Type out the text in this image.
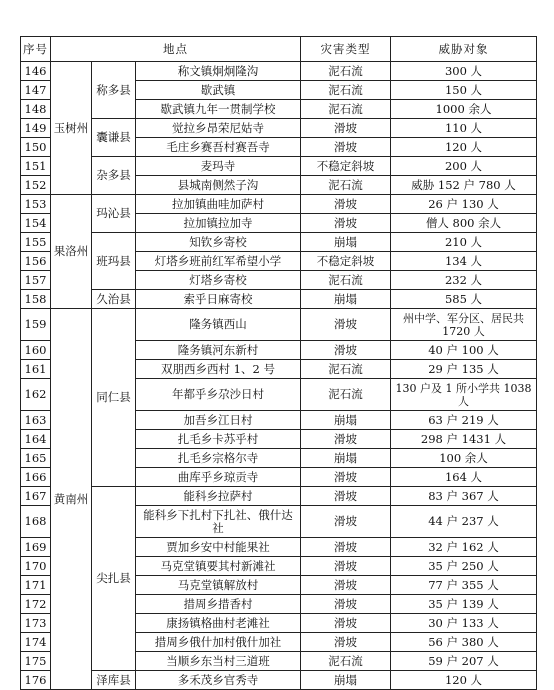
序号	地点			灾害类型	威胁对象
146	玉树州	称多县	称文镇炯炯隆沟	泥石流	300 人
147			歇武镇	泥石流	150 人
148			歇武镇九年一贯制学校	泥石流	1000 余人
149		囊谦县	觉拉乡昂荣尼姑寺	滑坡	110 人
150			毛庄乡赛吾村赛吾寺	滑坡	120 人
151		杂多县	麦玛寺	不稳定斜坡	200 人
152			县城南侧然子沟	泥石流	威胁 152 户 780 人
153	果洛州	玛沁县	拉加镇曲哇加萨村	滑坡	26 户 130 人
154			拉加镇拉加寺	滑坡	僧人 800 余人
155		班玛县	知钦乡寄校	崩塌	210 人
156			灯塔乡班前红军希望小学	不稳定斜坡	134 人
157			灯塔乡寄校	泥石流	232 人
158		久治县	索乎日麻寄校	崩塌	585 人
159	黄南州	同仁县	隆务镇西山	滑坡	州中学、军分区、居民共 1720 人
160			隆务镇河东新村	滑坡	40 户 100 人
161			双朋西乡西村 1、2 号	泥石流	29 户 135 人
162			年都乎乡尕沙日村	泥石流	130 户及 1 所小学共 1038 人
163			加吾乡江日村	崩塌	63 户 219 人
164			扎毛乡卡苏乎村	滑坡	298 户 1431 人
165			扎毛乡宗格尔寺	崩塌	100 余人
166			曲库乎乡琼贡寺	滑坡	164 人
167		尖扎县	能科乡拉萨村	滑坡	83 户 367 人
168			能科乡下扎村下扎社、俄什达社	滑坡	44 户 237 人
169			贾加乡安中村能果社	滑坡	32 户 162 人
170			马克堂镇要其村新滩社	滑坡	35 户 250 人
171			马克堂镇解放村	滑坡	77 户 355 人
172			措周乡措香村	滑坡	35 户 139 人
173			康扬镇格曲村老滩社	滑坡	30 户 133 人
174			措周乡俄什加村俄什加社	滑坡	56 户 380 人
175			当顺乡东当村三道班	泥石流	59 户 207 人
176		泽库县	多禾茂乡官秀寺	崩塌	120 人
